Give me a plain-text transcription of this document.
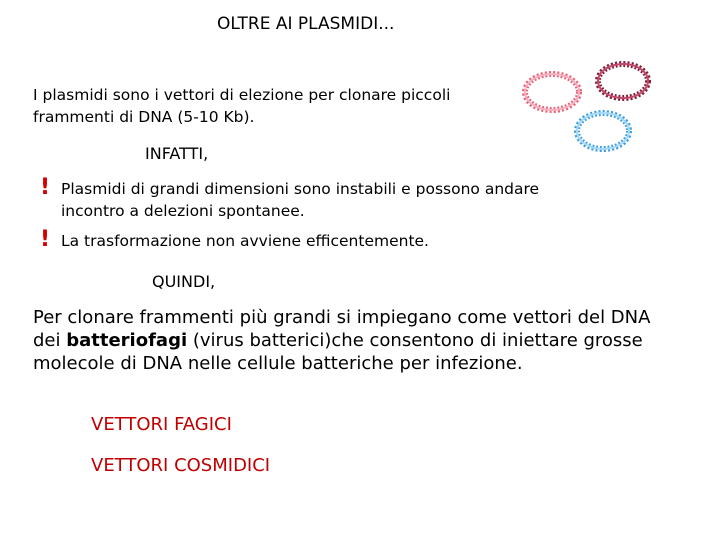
OLTRE AI PLASMIDI...
I plasmidi sono i vettori di elezione per clonare piccoli
frammenti di DNA (5-10 Kb).
INFATTI,
! Plasmidi di grandi dimensioni sono instabili e possono andare
incontro a delezioni spontanee.
! La trasformazione non avviene efficentemente.
QUINDI,
Per clonare frammenti più grandi si impiegano come vettori del DNA
dei batteriofagi (virus batterici)che consentono di iniettare grosse
molecole di DNA nelle cellule batteriche per infezione.
VETTORI FAGICI
VETTORI COSMIDICI
